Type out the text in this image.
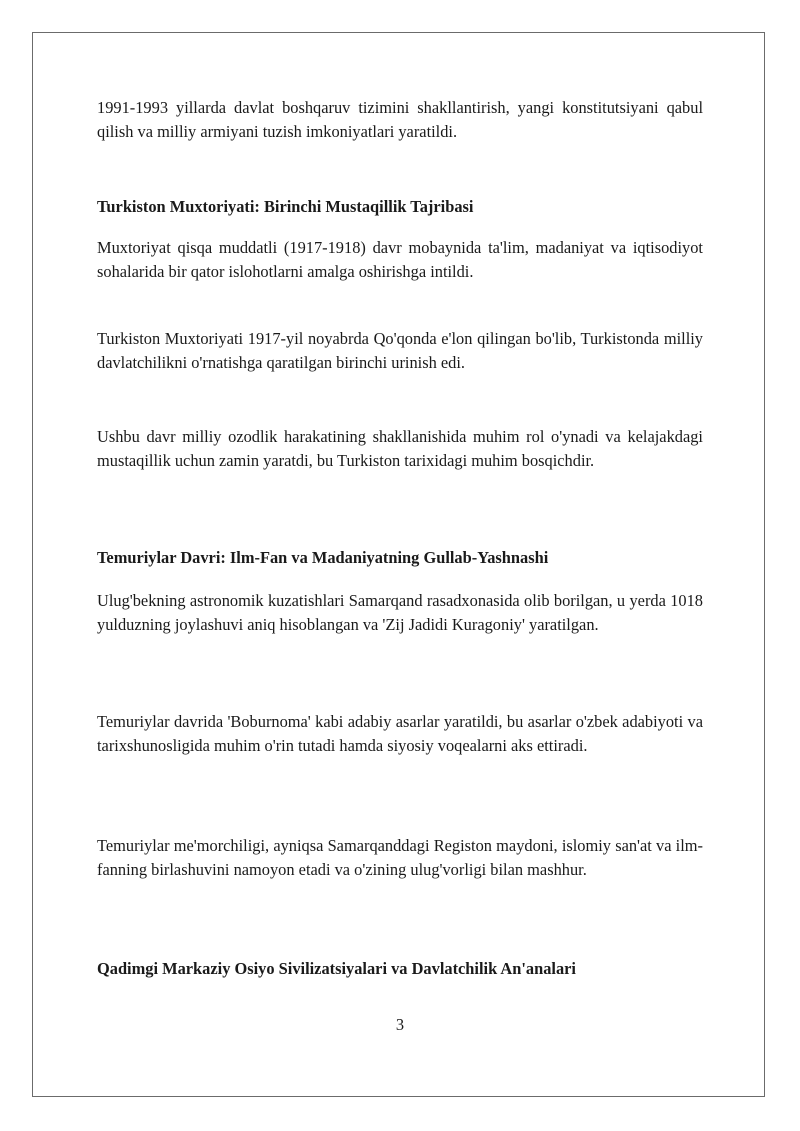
1991-1993 yillarda davlat boshqaruv tizimini shakllantirish, yangi konstitutsiyani qabul qilish va milliy armiyani tuzish imkoniyatlari yaratildi.

Turkiston Muxtoriyati: Birinchi Mustaqillik Tajribasi

Muxtoriyat qisqa muddatli (1917-1918) davr mobaynida ta'lim, madaniyat va iqtisodiyot sohalarida bir qator islohotlarni amalga oshirishga intildi.

Turkiston Muxtoriyati 1917-yil noyabrda Qo'qonda e'lon qilingan bo'lib, Turkistonda milliy davlatchilikni o'rnatishga qaratilgan birinchi urinish edi.

Ushbu davr milliy ozodlik harakatining shakllanishida muhim rol o'ynadi va kelajakdagi mustaqillik uchun zamin yaratdi, bu Turkiston tarixidagi muhim bosqichdir.

Temuriylar Davri: Ilm-Fan va Madaniyatning Gullab-Yashnashi

Ulug'bekning astronomik kuzatishlari Samarqand rasadxonasida olib borilgan, u yerda 1018 yulduzning joylashuvi aniq hisoblangan va 'Zij Jadidi Kuragoniy' yaratilgan.

Temuriylar davrida 'Boburnoma' kabi adabiy asarlar yaratildi, bu asarlar o'zbek adabiyoti va tarixshunosligida muhim o'rin tutadi hamda siyosiy voqealarni aks ettiradi.

Temuriylar me'morchiligi, ayniqsa Samarqanddagi Registon maydoni, islomiy san'at va ilm-fanning birlashuvini namoyon etadi va o'zining ulug'vorligi bilan mashhur.

Qadimgi Markaziy Osiyo Sivilizatsiyalari va Davlatchilik An'analari

3
